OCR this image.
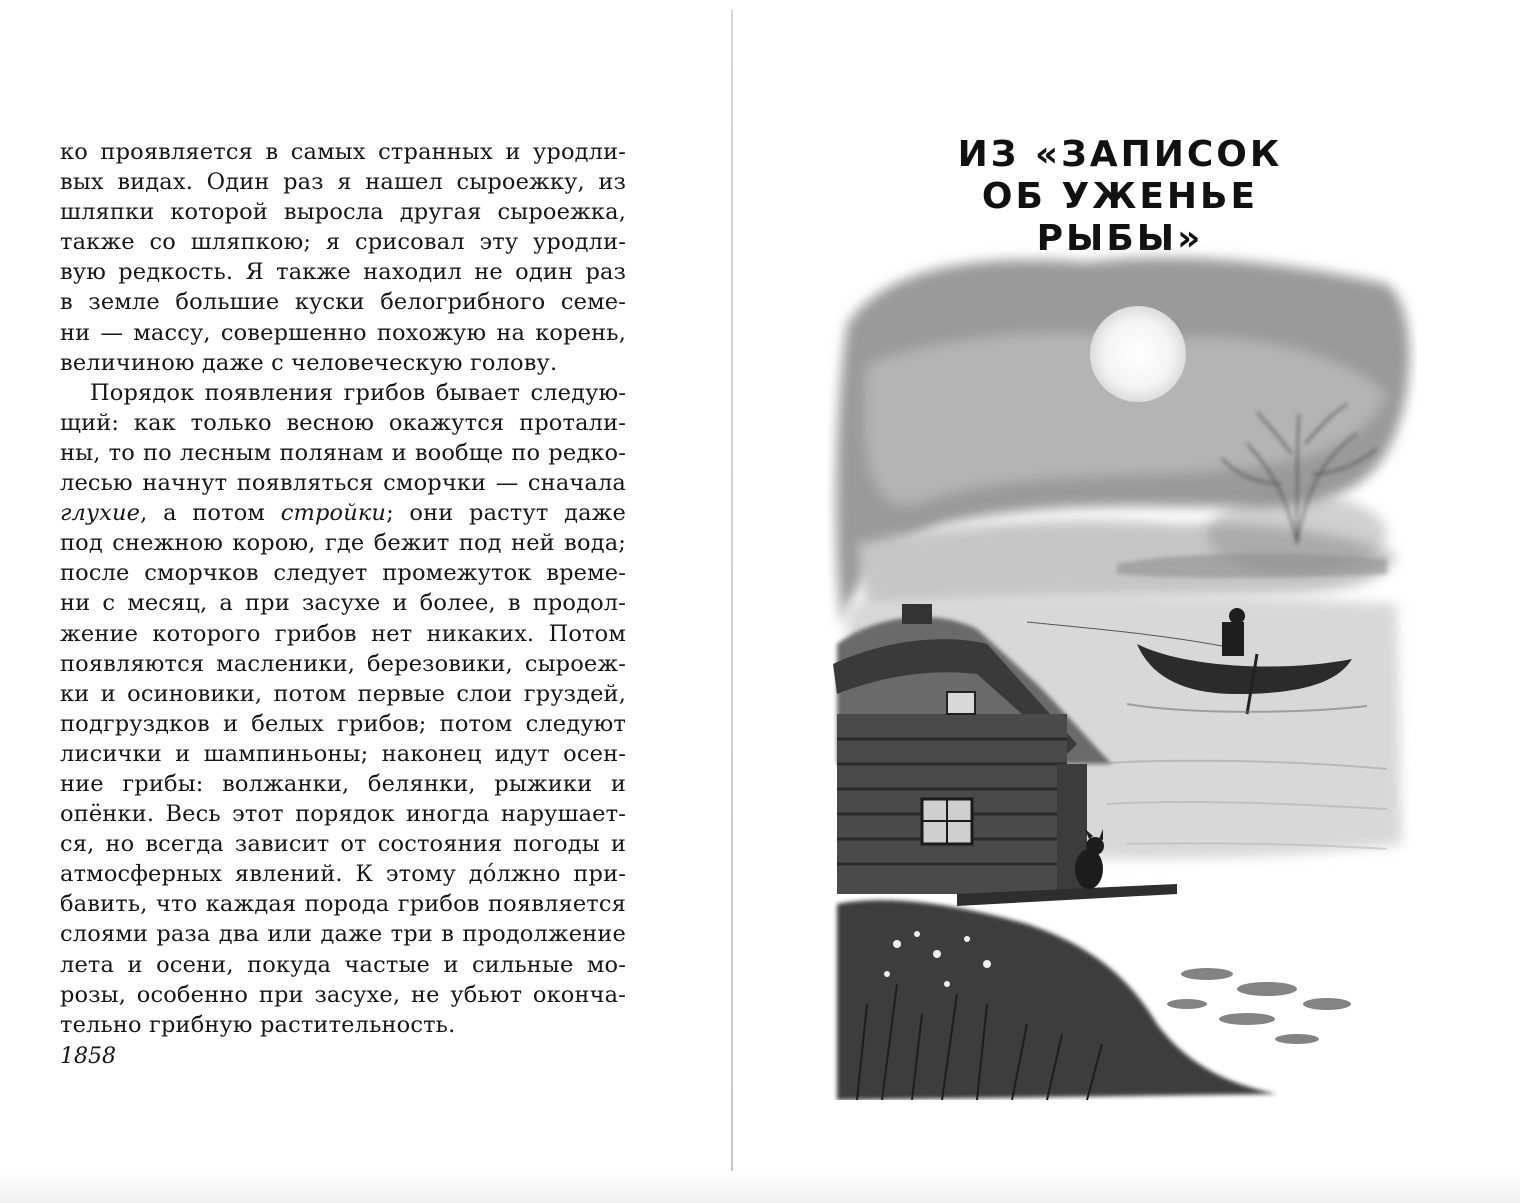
ко проявляется в самых странных и уродли-
вых видах. Один раз я нашел сыроежку, из
шляпки которой выросла другая сыроежка,
также со шляпкою; я срисовал эту уродли-
вую редкость. Я также находил не один раз
в земле большие куски белогрибного семе-
ни — массу, совершенно похожую на корень,
величиною даже с человеческую голову.
Порядок появления грибов бывает следую-
щий: как только весною окажутся протали-
ны, то по лесным полянам и вообще по редко-
лесью начнут появляться сморчки — сначала
глухие, а потом стройки; они растут даже
под снежною корою, где бежит под ней вода;
после сморчков следует промежуток време-
ни с месяц, а при засухе и более, в продол-
жение которого грибов нет никаких. Потом
появляются масленики, березовики, сыроеж-
ки и осиновики, потом первые слои груздей,
подгруздков и белых грибов; потом следуют
лисички и шампиньоны; наконец идут осен-
ние грибы: волжанки, белянки, рыжики и
опёнки. Весь этот порядок иногда нарушает-
ся, но всегда зависит от состояния погоды и
атмосферных явлений. К этому до́лжно при-
бавить, что каждая порода грибов появляется
слоями раза два или даже три в продолжение
лета и осени, покуда частые и сильные мо-
розы, особенно при засухе, не убьют оконча-
тельно грибную растительность.
1858
ИЗ «ЗАПИСОК
ОБ УЖЕНЬЕ РЫБЫ»
